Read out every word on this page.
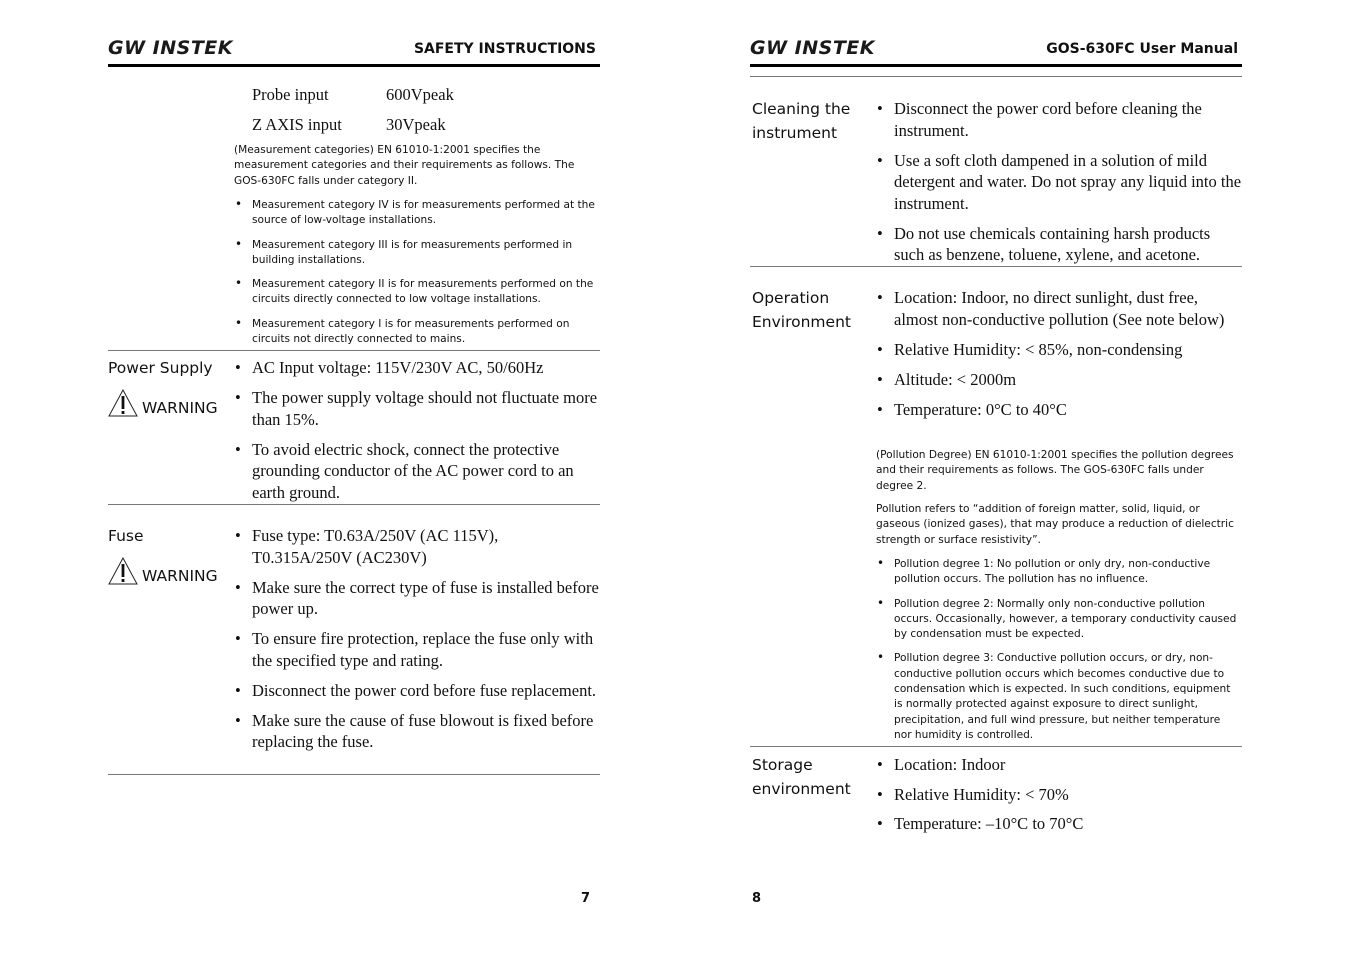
GW INSTEK	SAFETY INSTRUCTIONS
Probe input	600Vpeak
Z AXIS input	30Vpeak
(Measurement categories) EN 61010-1:2001 specifies the measurement categories and their requirements as follows. The GOS-630FC falls under category II.
• Measurement category IV is for measurements performed at the source of low-voltage installations.
• Measurement category III is for measurements performed in building installations.
• Measurement category II is for measurements performed on the circuits directly connected to low voltage installations.
• Measurement category I is for measurements performed on circuits not directly connected to mains.
Power Supply
WARNING
• AC Input voltage: 115V/230V AC, 50/60Hz
• The power supply voltage should not fluctuate more than 15%.
• To avoid electric shock, connect the protective grounding conductor of the AC power cord to an earth ground.
Fuse
WARNING
• Fuse type: T0.63A/250V (AC 115V), T0.315A/250V (AC230V)
• Make sure the correct type of fuse is installed before power up.
• To ensure fire protection, replace the fuse only with the specified type and rating.
• Disconnect the power cord before fuse replacement.
• Make sure the cause of fuse blowout is fixed before replacing the fuse.
7
GW INSTEK	GOS-630FC User Manual
Cleaning the
instrument
• Disconnect the power cord before cleaning the instrument.
• Use a soft cloth dampened in a solution of mild detergent and water. Do not spray any liquid into the instrument.
• Do not use chemicals containing harsh products such as benzene, toluene, xylene, and acetone.
Operation
Environment
• Location: Indoor, no direct sunlight, dust free, almost non-conductive pollution (See note below)
• Relative Humidity: < 85%, non-condensing
• Altitude: < 2000m
• Temperature: 0°C to 40°C
(Pollution Degree) EN 61010-1:2001 specifies the pollution degrees and their requirements as follows. The GOS-630FC falls under degree 2.
Pollution refers to “addition of foreign matter, solid, liquid, or gaseous (ionized gases), that may produce a reduction of dielectric strength or surface resistivity”.
• Pollution degree 1: No pollution or only dry, non-conductive pollution occurs. The pollution has no influence.
• Pollution degree 2: Normally only non-conductive pollution occurs. Occasionally, however, a temporary conductivity caused by condensation must be expected.
• Pollution degree 3: Conductive pollution occurs, or dry, non-conductive pollution occurs which becomes conductive due to condensation which is expected. In such conditions, equipment is normally protected against exposure to direct sunlight, precipitation, and full wind pressure, but neither temperature nor humidity is controlled.
Storage
environment
• Location: Indoor
• Relative Humidity: < 70%
• Temperature: –10°C to 70°C
8
